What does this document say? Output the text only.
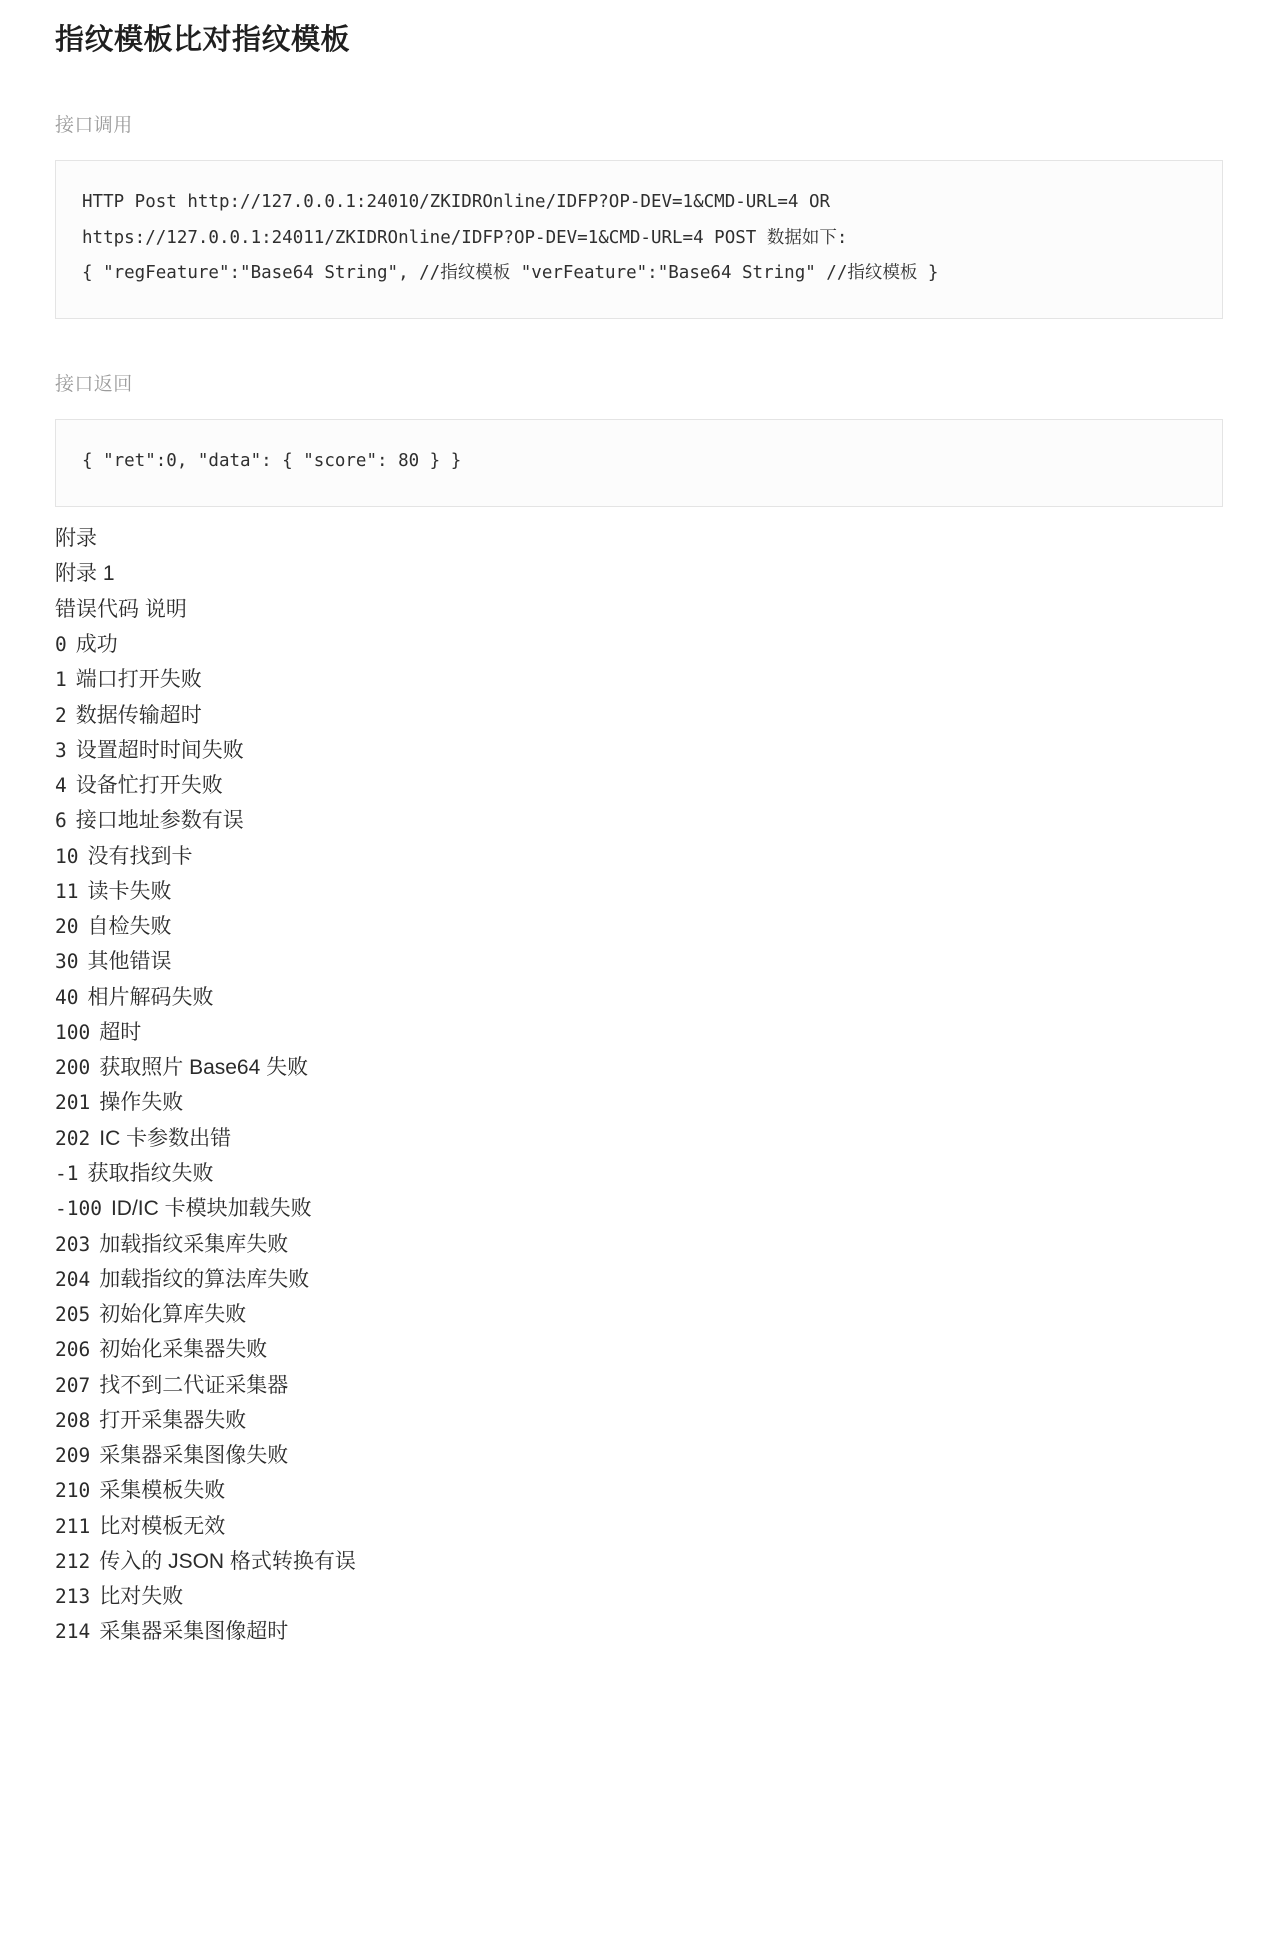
指纹模板比对指纹模板
接口调用
HTTP Post http://127.0.0.1:24010/ZKIDROnline/IDFP?OP-DEV=1&CMD-URL=4 OR
https://127.0.0.1:24011/ZKIDROnline/IDFP?OP-DEV=1&CMD-URL=4 POST 数据如下:
{ "regFeature":"Base64 String", //指纹模板 "verFeature":"Base64 String" //指纹模板 }
接口返回
{ "ret":0, "data": { "score": 80 } }
附录
附录 1
错误代码 说明
0 成功
1 端口打开失败
2 数据传输超时
3 设置超时时间失败
4 设备忙打开失败
6 接口地址参数有误
10 没有找到卡
11 读卡失败
20 自检失败
30 其他错误
40 相片解码失败
100 超时
200 获取照片 Base64 失败
201 操作失败
202 IC 卡参数出错
-1 获取指纹失败
-100 ID/IC 卡模块加载失败
203 加载指纹采集库失败
204 加载指纹的算法库失败
205 初始化算库失败
206 初始化采集器失败
207 找不到二代证采集器
208 打开采集器失败
209 采集器采集图像失败
210 采集模板失败
211 比对模板无效
212 传入的 JSON 格式转换有误
213 比对失败
214 采集器采集图像超时
